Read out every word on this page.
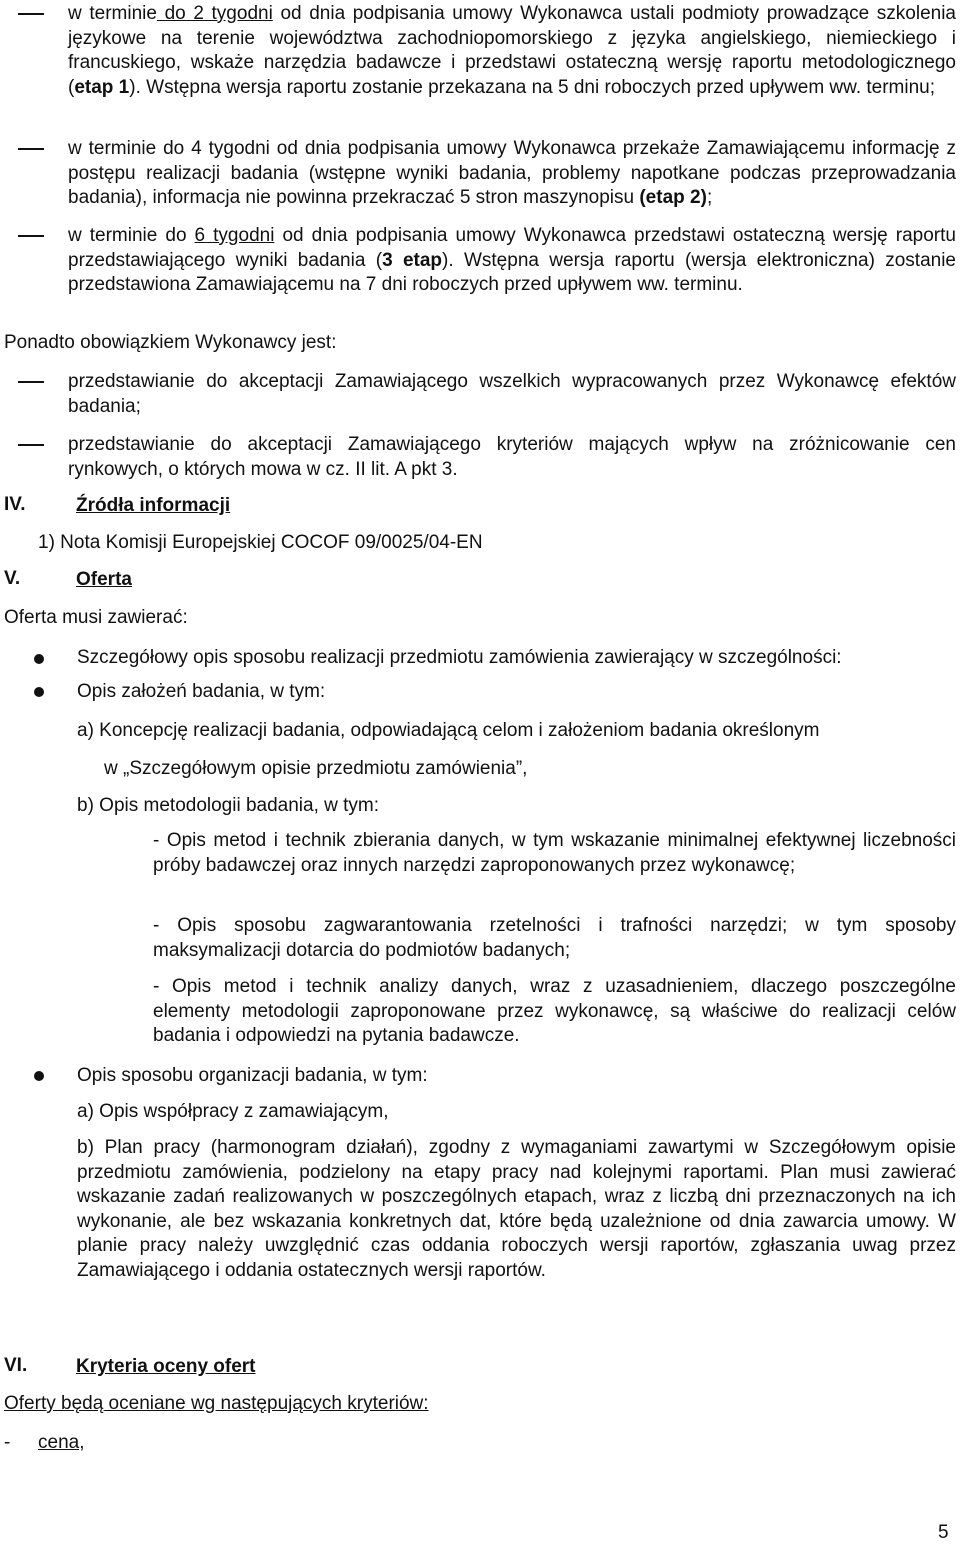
w terminie do 2 tygodni od dnia podpisania umowy Wykonawca ustali podmioty prowadzące szkolenia językowe na terenie województwa zachodniopomorskiego z języka angielskiego, niemieckiego i francuskiego, wskaże narzędzia badawcze i przedstawi ostateczną wersję raportu metodologicznego (etap 1). Wstępna wersja raportu zostanie przekazana na 5 dni roboczych przed upływem ww. terminu;
w terminie do 4 tygodni od dnia podpisania umowy Wykonawca przekaże Zamawiającemu informację z postępu realizacji badania (wstępne wyniki badania, problemy napotkane podczas przeprowadzania badania), informacja nie powinna przekraczać 5 stron maszynopisu (etap 2);
w terminie do 6 tygodni od dnia podpisania umowy Wykonawca przedstawi ostateczną wersję raportu przedstawiającego wyniki badania (3 etap). Wstępna wersja raportu (wersja elektroniczna) zostanie przedstawiona Zamawiającemu na 7 dni roboczych przed upływem ww. terminu.
Ponadto obowiązkiem Wykonawcy jest:
przedstawianie do akceptacji Zamawiającego wszelkich wypracowanych przez Wykonawcę efektów badania;
przedstawianie do akceptacji Zamawiającego kryteriów mających wpływ na zróżnicowanie cen rynkowych, o których mowa w cz. II lit. A pkt 3.
IV.	Źródła informacji
1) Nota Komisji Europejskiej COCOF 09/0025/04-EN
V.	Oferta
Oferta musi zawierać:
Szczegółowy opis sposobu realizacji przedmiotu zamówienia zawierający w szczególności:
Opis założeń badania, w tym:
a) Koncepcję realizacji badania, odpowiadającą celom i założeniom badania określonym
w „Szczegółowym opisie przedmiotu zamówienia”,
b) Opis metodologii badania, w tym:
- Opis metod i technik zbierania danych, w tym wskazanie minimalnej efektywnej liczebności próby badawczej oraz innych narzędzi zaproponowanych przez wykonawcę;
- Opis sposobu zagwarantowania rzetelności i trafności narzędzi; w tym sposoby maksymalizacji dotarcia do podmiotów badanych;
- Opis metod i technik analizy danych, wraz z uzasadnieniem, dlaczego poszczególne elementy metodologii zaproponowane przez wykonawcę, są właściwe do realizacji celów badania i odpowiedzi na pytania badawcze.
Opis sposobu organizacji badania, w tym:
a) Opis współpracy z zamawiającym,
b) Plan pracy (harmonogram działań), zgodny z wymaganiami zawartymi w Szczegółowym opisie przedmiotu zamówienia, podzielony na etapy pracy nad kolejnymi raportami. Plan musi zawierać wskazanie zadań realizowanych w poszczególnych etapach, wraz z liczbą dni przeznaczonych na ich wykonanie, ale bez wskazania konkretnych dat, które będą uzależnione od dnia zawarcia umowy. W planie pracy należy uwzględnić czas oddania roboczych wersji raportów, zgłaszania uwag przez Zamawiającego i oddania ostatecznych wersji raportów.
VI.	Kryteria oceny ofert
Oferty będą oceniane wg następujących kryteriów:
- cena,
5
